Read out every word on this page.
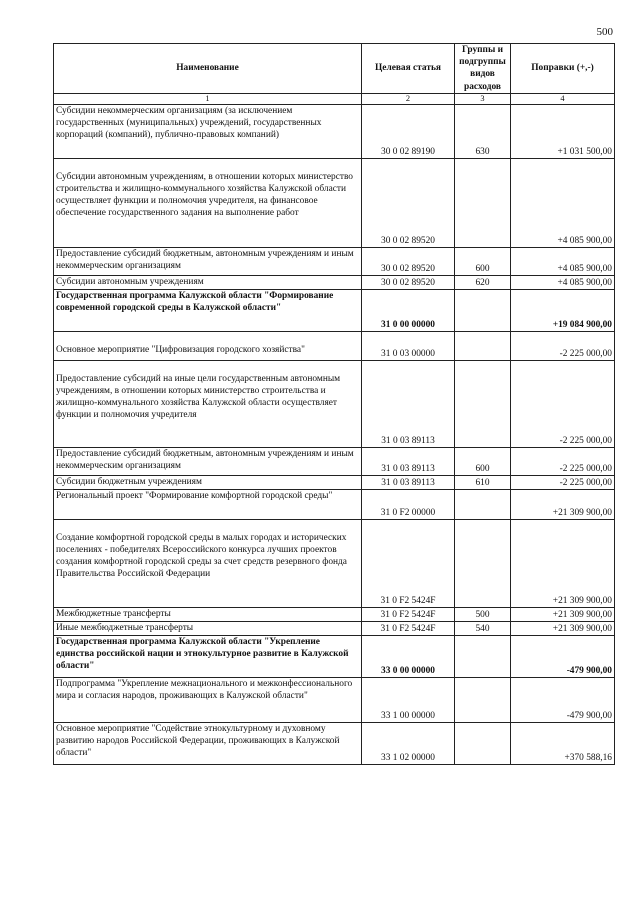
500
Наименование	Целевая статья	Группы и подгруппы видов расходов	Поправки (+,-)
1	2	3	4
Субсидии некоммерческим организациям (за исключением государственных (муниципальных) учреждений, государственных корпораций (компаний), публично-правовых компаний)	30 0 02 89190	630	+1 031 500,00

Субсидии автономным учреждениям, в отношении которых министерство строительства и жилищно-коммунального хозяйства Калужской области осуществляет функции и полномочия учредителя, на финансовое обеспечение государственного задания на выполнение работ	30 0 02 89520		+4 085 900,00
Предоставление субсидий бюджетным, автономным учреждениям и иным некоммерческим организациям	30 0 02 89520	600	+4 085 900,00
Субсидии автономным учреждениям	30 0 02 89520	620	+4 085 900,00
Государственная программа Калужской области "Формирование современной городской среды в Калужской области"	31 0 00 00000		+19 084 900,00

Основное мероприятие "Цифровизация городского хозяйства"	31 0 03 00000		-2 225 000,00

Предоставление субсидий на иные цели государственным автономным учреждениям, в отношении которых министерство строительства и жилищно-коммунального хозяйства Калужской области осуществляет функции и полномочия учредителя	31 0 03 89113		-2 225 000,00
Предоставление субсидий бюджетным, автономным учреждениям и иным некоммерческим организациям	31 0 03 89113	600	-2 225 000,00
Субсидии бюджетным учреждениям	31 0 03 89113	610	-2 225 000,00
Региональный проект "Формирование комфортной городской среды"	31 0 F2 00000		+21 309 900,00

Создание комфортной городской среды в малых городах и исторических поселениях - победителях Всероссийского конкурса лучших проектов создания комфортной городской среды за счет средств резервного фонда Правительства Российской Федерации	31 0 F2 5424F		+21 309 900,00
Межбюджетные трансферты	31 0 F2 5424F	500	+21 309 900,00
Иные межбюджетные трансферты	31 0 F2 5424F	540	+21 309 900,00
Государственная программа Калужской области "Укрепление единства российской нации и этнокультурное развитие в Калужской области"	33 0 00 00000		-479 900,00
Подпрограмма "Укрепление межнационального и межконфессионального мира и согласия народов, проживающих в Калужской области"	33 1 00 00000		-479 900,00
Основное мероприятие "Содействие этнокультурному и духовному развитию народов Российской Федерации, проживающих в Калужской области"	33 1 02 00000		+370 588,16
